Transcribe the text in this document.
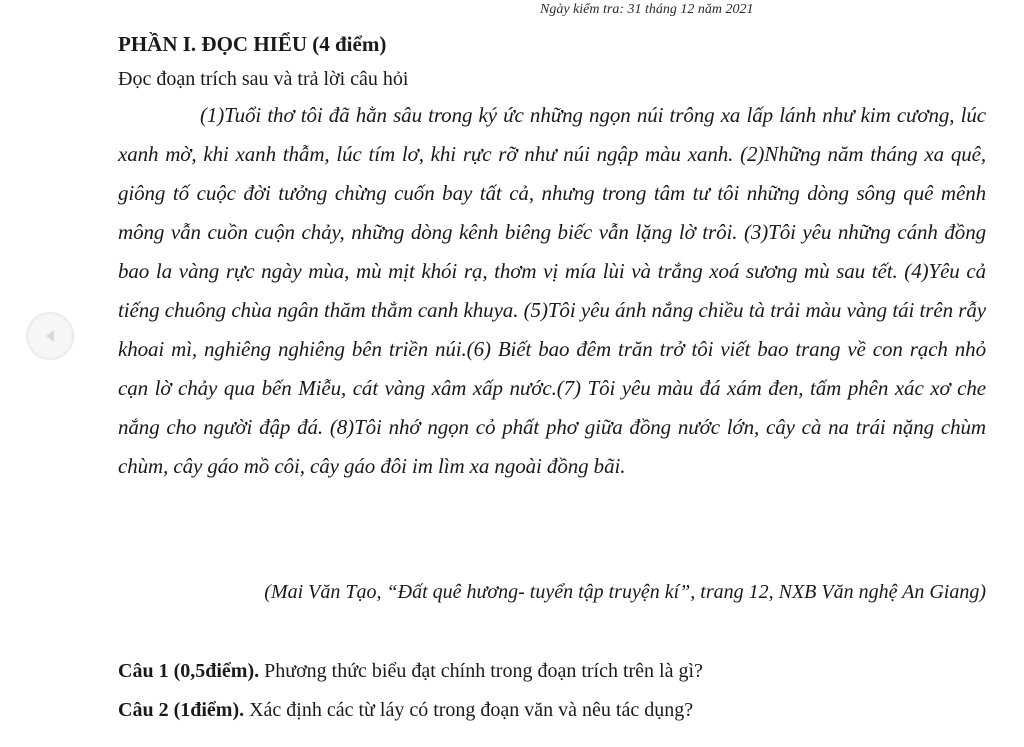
Ngày kiểm tra: 31 tháng 12 năm 2021
PHẦN I. ĐỌC HIỂU (4 điểm)

Đọc đoạn trích sau và trả lời câu hỏi

(1)Tuổi thơ tôi đã hằn sâu trong ký ức những ngọn núi trông xa lấp lánh như kim cương, lúc xanh mờ, khi xanh thẫm, lúc tím lơ, khi rực rỡ như núi ngập màu xanh. (2)Những năm tháng xa quê, giông tố cuộc đời tưởng chừng cuốn bay tất cả, nhưng trong tâm tư tôi những dòng sông quê mênh mông vẫn cuồn cuộn chảy, những dòng kênh biêng biếc vẫn lặng lờ trôi. (3)Tôi yêu những cánh đồng bao la vàng rực ngày mùa, mù mịt khói rạ, thơm vị mía lùi và trắng xoá sương mù sau tết. (4)Yêu cả tiếng chuông chùa ngân thăm thẳm canh khuya. (5)Tôi yêu ánh nắng chiều tà trải màu vàng tái trên rẫy khoai mì, nghiêng nghiêng bên triền núi.(6) Biết bao đêm trăn trở tôi viết bao trang về con rạch nhỏ cạn lờ chảy qua bến Miễu, cát vàng xâm xấp nước.(7) Tôi yêu màu đá xám đen, tấm phên xác xơ che nắng cho người đập đá. (8)Tôi nhớ ngọn cỏ phất phơ giữa đồng nước lớn, cây cà na trái nặng chùm chùm, cây gáo mồ côi, cây gáo đôi im lìm xa ngoài đồng bãi.

(Mai Văn Tạo, “Đất quê hương- tuyển tập truyện kí”, trang 12, NXB Văn nghệ An Giang)

Câu 1 (0,5điểm). Phương thức biểu đạt chính trong đoạn trích trên là gì?

Câu 2 (1điểm). Xác định các từ láy có trong đoạn văn và nêu tác dụng?
